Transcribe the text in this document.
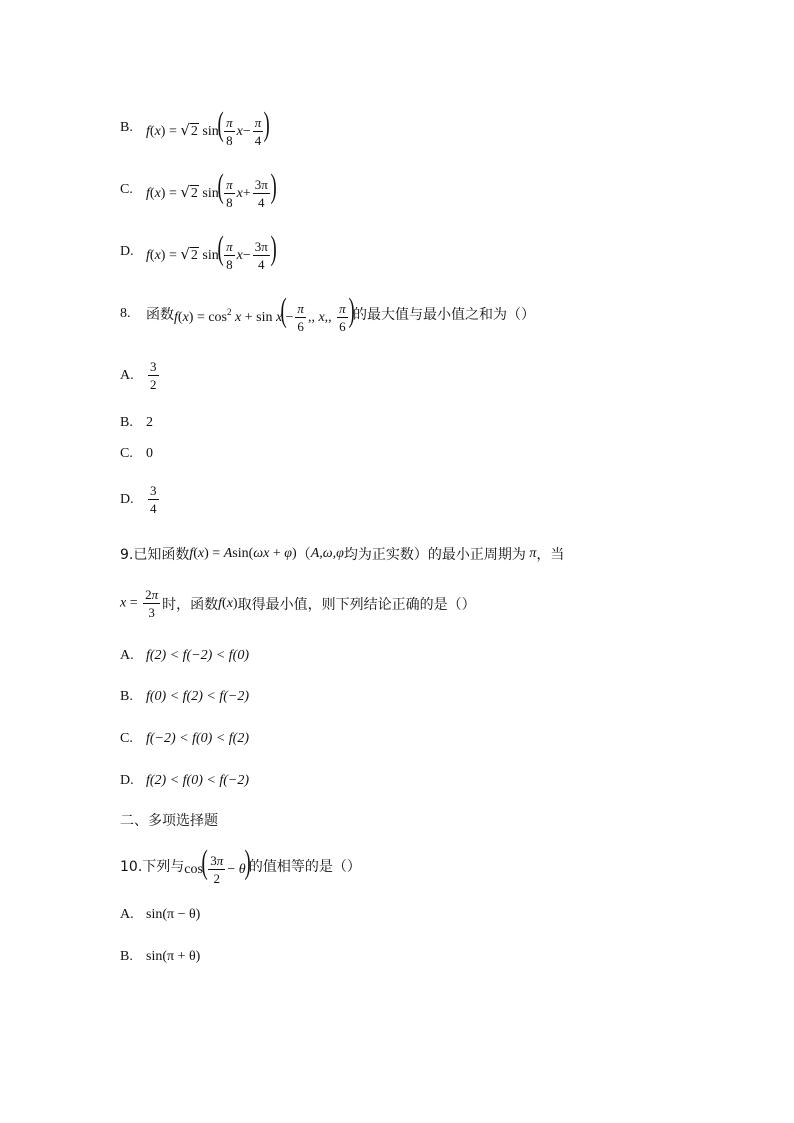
B. f(x) = √ 2 $\sin( \frac{\pi}{8} x- \frac{\pi}{4}$ )
C. f(x) = √ 2 $\sin( \frac{\pi}{8} x+ \frac{3\pi}{4}$ )
D. f(x) = √ 2 $\sin( \frac{\pi}{8} x- \frac{3\pi}{4}$ )
8.	函数 $f(x) = \cos^2 x + \sin x(- \frac{\pi}{6}$ ,, x,, $\frac{\pi}{6}$ )
的最大值与最小值之和为（）
A.	$\frac{3}{2}$
B. 2
C. 0
D.	$\frac{3}{4}$
9.已知函数 f(x) = Asin(ωx + φ) （ A,ω,φ 均为正实数）的最小正周期为 π ，当
$x = \frac{2\pi}{3}$ 时，函数 f(x) 取得最小值，则下列结论正确的是（）
A. f(2) < f(−2) < f(0)
B. f(0) < f(2) < f(−2)
C. f(−2) < f(0) < f(2)
D. f(2) < f(0) < f(−2)
二、多项选择题
10.下列与 $\cos( \frac{3\pi}{2} - \theta)$
的值相等的是（）
A. sin(π − θ)
B. sin(π + θ)
